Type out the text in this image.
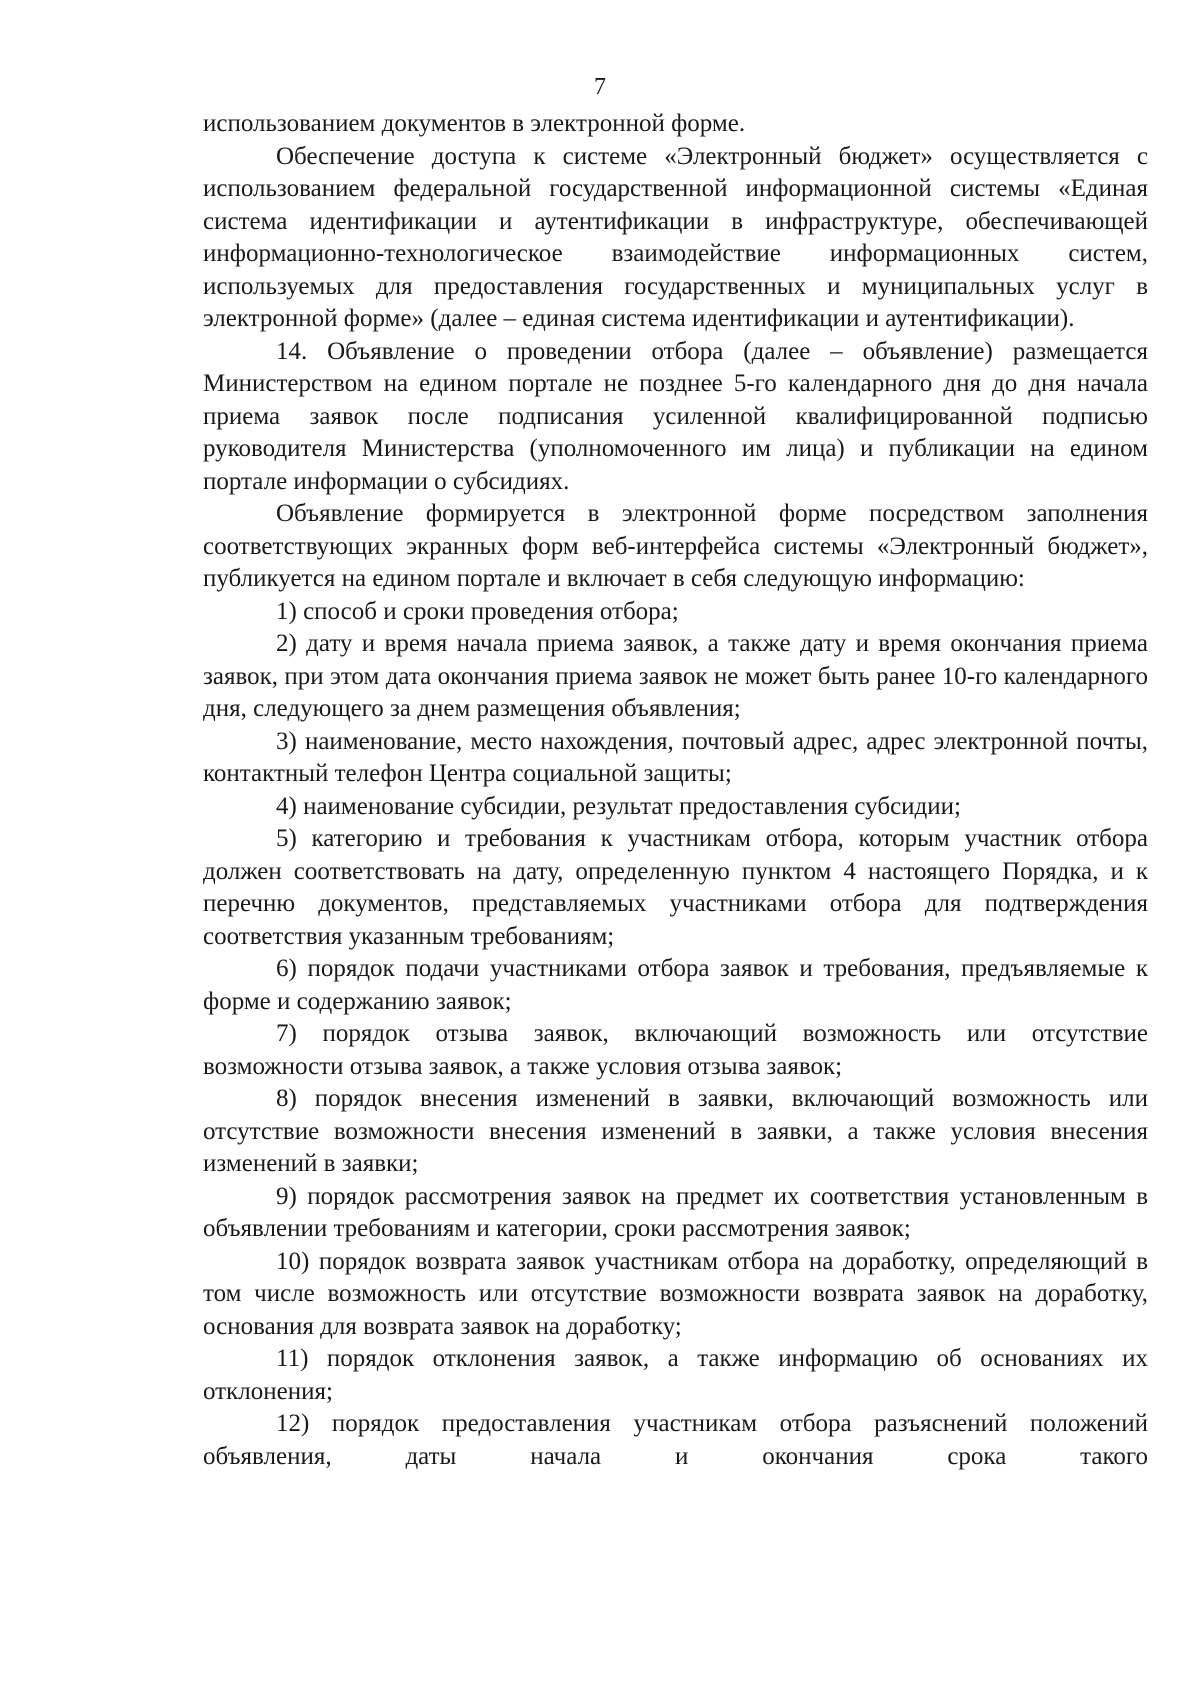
7

использованием документов в электронной форме.

Обеспечение доступа к системе «Электронный бюджет» осуществляется с использованием федеральной государственной информационной системы «Единая система идентификации и аутентификации в инфраструктуре, обеспечивающей информационно-технологическое взаимодействие информационных систем, используемых для предоставления государственных и муниципальных услуг в электронной форме» (далее – единая система идентификации и аутентификации).

14. Объявление о проведении отбора (далее – объявление) размещается Министерством на едином портале не позднее 5-го календарного дня до дня начала приема заявок после подписания усиленной квалифицированной подписью руководителя Министерства (уполномоченного им лица) и публикации на едином портале информации о субсидиях.

Объявление формируется в электронной форме посредством заполнения соответствующих экранных форм веб-интерфейса системы «Электронный бюджет», публикуется на едином портале и включает в себя следующую информацию:

1) способ и сроки проведения отбора;

2) дату и время начала приема заявок, а также дату и время окончания приема заявок, при этом дата окончания приема заявок не может быть ранее 10-го календарного дня, следующего за днем размещения объявления;

3) наименование, место нахождения, почтовый адрес, адрес электронной почты, контактный телефон Центра социальной защиты;

4) наименование субсидии, результат предоставления субсидии;

5) категорию и требования к участникам отбора, которым участник отбора должен соответствовать на дату, определенную пунктом 4 настоящего Порядка, и к перечню документов, представляемых участниками отбора для подтверждения соответствия указанным требованиям;

6) порядок подачи участниками отбора заявок и требования, предъявляемые к форме и содержанию заявок;

7) порядок отзыва заявок, включающий возможность или отсутствие возможности отзыва заявок, а также условия отзыва заявок;

8) порядок внесения изменений в заявки, включающий возможность или отсутствие возможности внесения изменений в заявки, а также условия внесения изменений в заявки;

9) порядок рассмотрения заявок на предмет их соответствия установленным в объявлении требованиям и категории, сроки рассмотрения заявок;

10) порядок возврата заявок участникам отбора на доработку, определяющий в том числе возможность или отсутствие возможности возврата заявок на доработку, основания для возврата заявок на доработку;

11) порядок отклонения заявок, а также информацию об основаниях их отклонения;

12) порядок предоставления участникам отбора разъяснений положений объявления, даты начала и окончания срока такого
